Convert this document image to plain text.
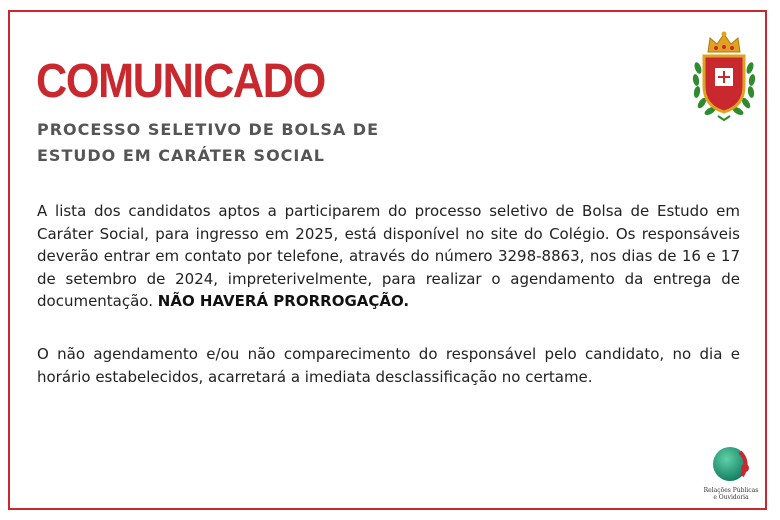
COMUNICADO
PROCESSO SELETIVO DE BOLSA DE
ESTUDO EM CARÁTER SOCIAL
A lista dos candidatos aptos a participarem do processo seletivo de Bolsa de Estudo em Caráter Social, para ingresso em 2025, está disponível no site do Colégio. Os responsáveis deverão entrar em contato por telefone, através do número 3298-8863, nos dias de 16 e 17 de setembro de 2024, impreterivelmente, para realizar o agendamento da entrega de documentação. NÃO HAVERÁ PRORROGAÇÃO.
O não agendamento e/ou não comparecimento do responsável pelo candidato, no dia e horário estabelecidos, acarretará a imediata desclassificação no certame.
Relações Públicas
e Ouvidoria
